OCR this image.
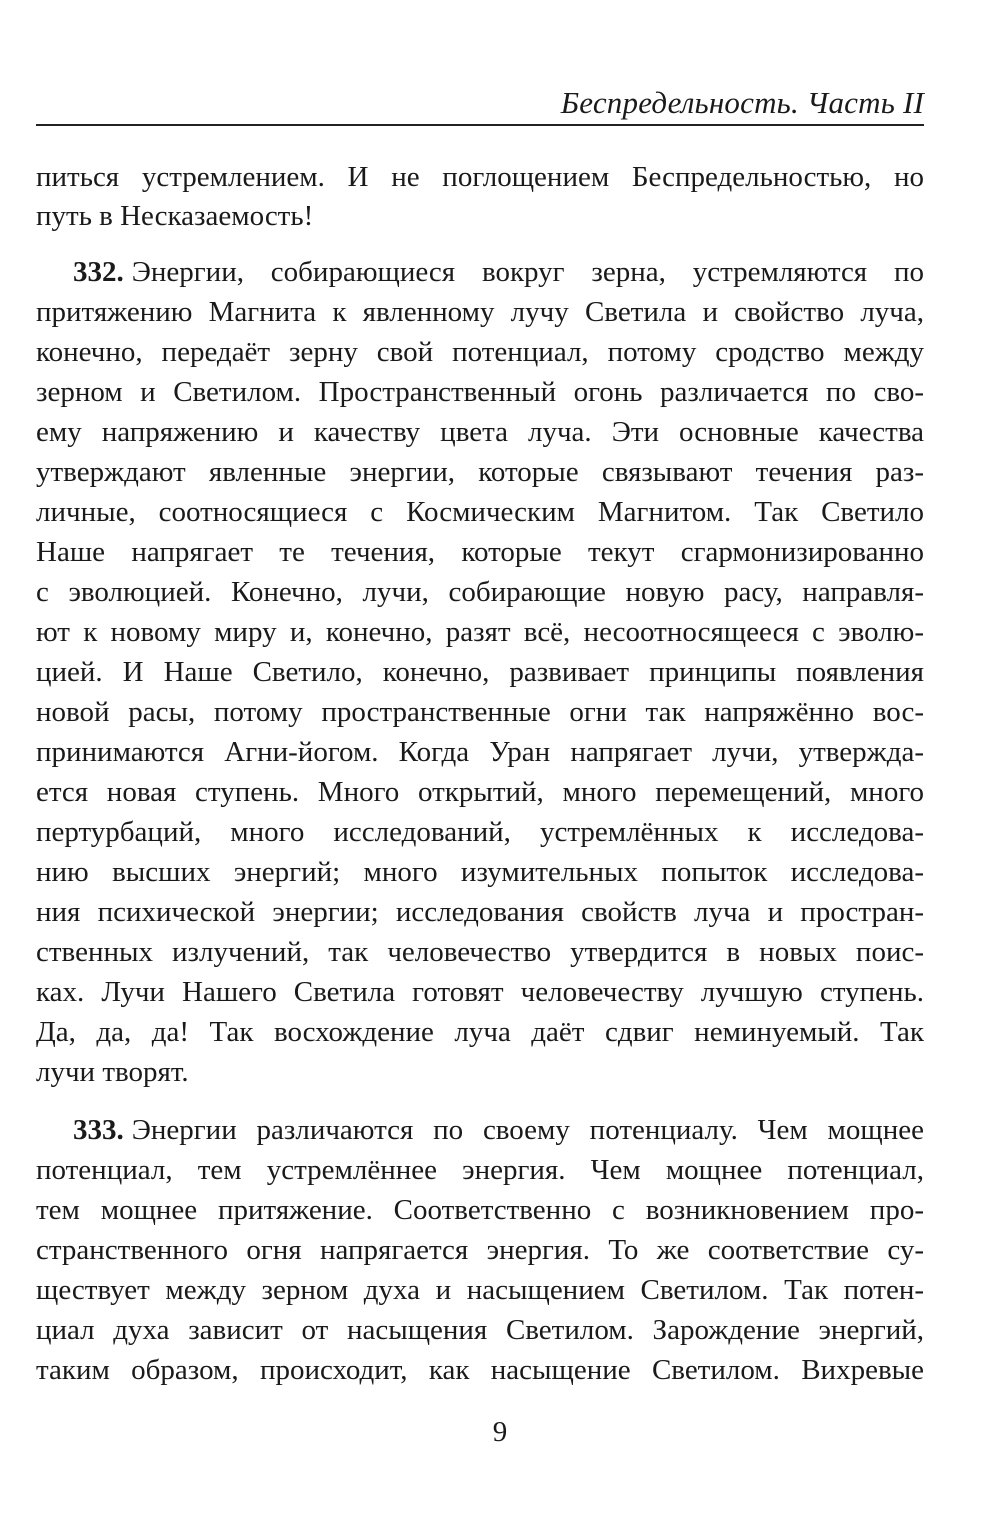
Беспредельность. Часть II
питься устремлением. И не поглощением Беспредельностью, но
путь в Несказаемость!
332. Энергии, собирающиеся вокруг зерна, устремляются по
притяжению Магнита к явленному лучу Светила и свойство луча,
конечно, передаёт зерну свой потенциал, потому сродство между
зерном и Светилом. Пространственный огонь различается по сво-
ему напряжению и качеству цвета луча. Эти основные качества
утверждают явленные энергии, которые связывают течения раз-
личные, соотносящиеся с Космическим Магнитом. Так Светило
Наше напрягает те течения, которые текут сгармонизированно
с эволюцией. Конечно, лучи, собирающие новую расу, направля-
ют к новому миру и, конечно, разят всё, несоотносящееся с эволю-
цией. И Наше Светило, конечно, развивает принципы появления
новой расы, потому пространственные огни так напряжённо вос-
принимаются Агни-йогом. Когда Уран напрягает лучи, утвержда-
ется новая ступень. Много открытий, много перемещений, много
пертурбаций, много исследований, устремлённых к исследова-
нию высших энергий; много изумительных попыток исследова-
ния психической энергии; исследования свойств луча и простран-
ственных излучений, так человечество утвердится в новых поис-
ках. Лучи Нашего Светила готовят человечеству лучшую ступень.
Да, да, да! Так восхождение луча даёт сдвиг неминуемый. Так
лучи творят.
333. Энергии различаются по своему потенциалу. Чем мощнее
потенциал, тем устремлённее энергия. Чем мощнее потенциал,
тем мощнее притяжение. Соответственно с возникновением про-
странственного огня напрягается энергия. То же соответствие су-
ществует между зерном духа и насыщением Светилом. Так потен-
циал духа зависит от насыщения Светилом. Зарождение энергий,
таким образом, происходит, как насыщение Светилом. Вихревые
9
